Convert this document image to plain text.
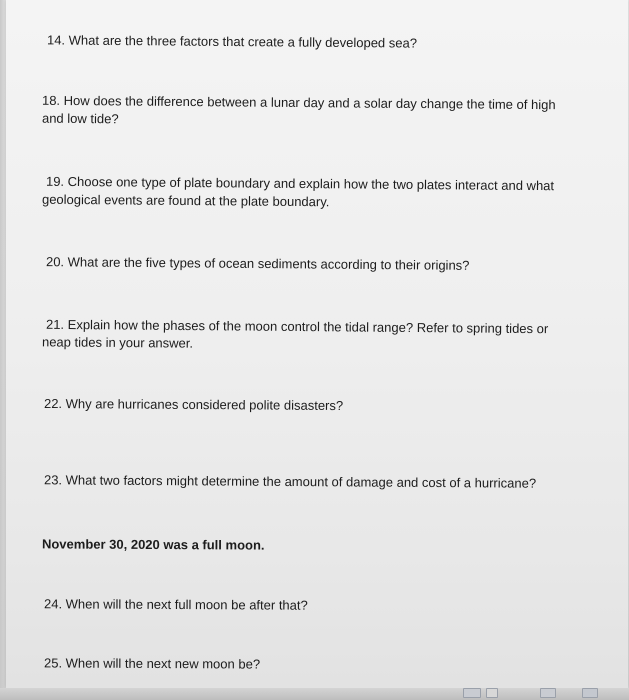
14. What are the three factors that create a fully developed sea?

18. How does the difference between a lunar day and a solar day change the time of high

and low tide?

19. Choose one type of plate boundary and explain how the two plates interact and what

geological events are found at the plate boundary.

20. What are the five types of ocean sediments according to their origins?

21. Explain how the phases of the moon control the tidal range? Refer to spring tides or

neap tides in your answer.

22. Why are hurricanes considered polite disasters?

23. What two factors might determine the amount of damage and cost of a hurricane?

November 30, 2020 was a full moon.

24. When will the next full moon be after that?

25. When will the next new moon be?
